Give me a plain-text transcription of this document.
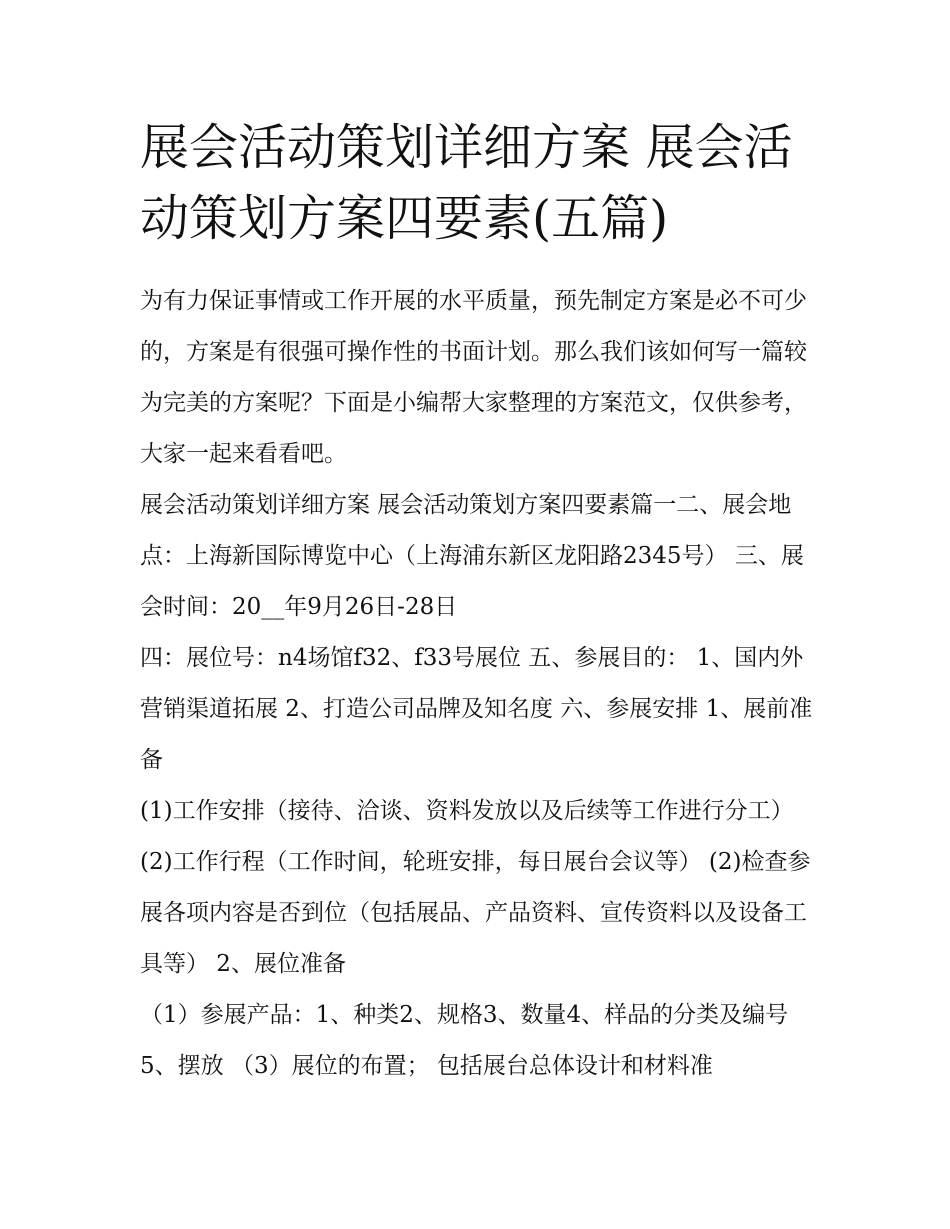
展会活动策划详细方案 展会活动策划方案四要素(五篇)

为有力保证事情或工作开展的水平质量，预先制定方案是必不可少的，方案是有很强可操作性的书面计划。那么我们该如何写一篇较为完美的方案呢？下面是小编帮大家整理的方案范文，仅供参考，大家一起来看看吧。

展会活动策划详细方案 展会活动策划方案四要素篇一二、展会地点：上海新国际博览中心（上海浦东新区龙阳路2345号） 三、展会时间：20__年9月26日-28日

四：展位号：n4场馆f32、f33号展位 五、参展目的： 1、国内外营销渠道拓展 2、打造公司品牌及知名度 六、参展安排 1、展前准备

(1)工作安排（接待、洽谈、资料发放以及后续等工作进行分工） (2)工作行程（工作时间，轮班安排，每日展台会议等） (2)检查参展各项内容是否到位（包括展品、产品资料、宣传资料以及设备工具等） 2、展位准备

（1）参展产品：1、种类2、规格3、数量4、样品的分类及编号5、摆放 （3）展位的布置； 包括展台总体设计和材料准
